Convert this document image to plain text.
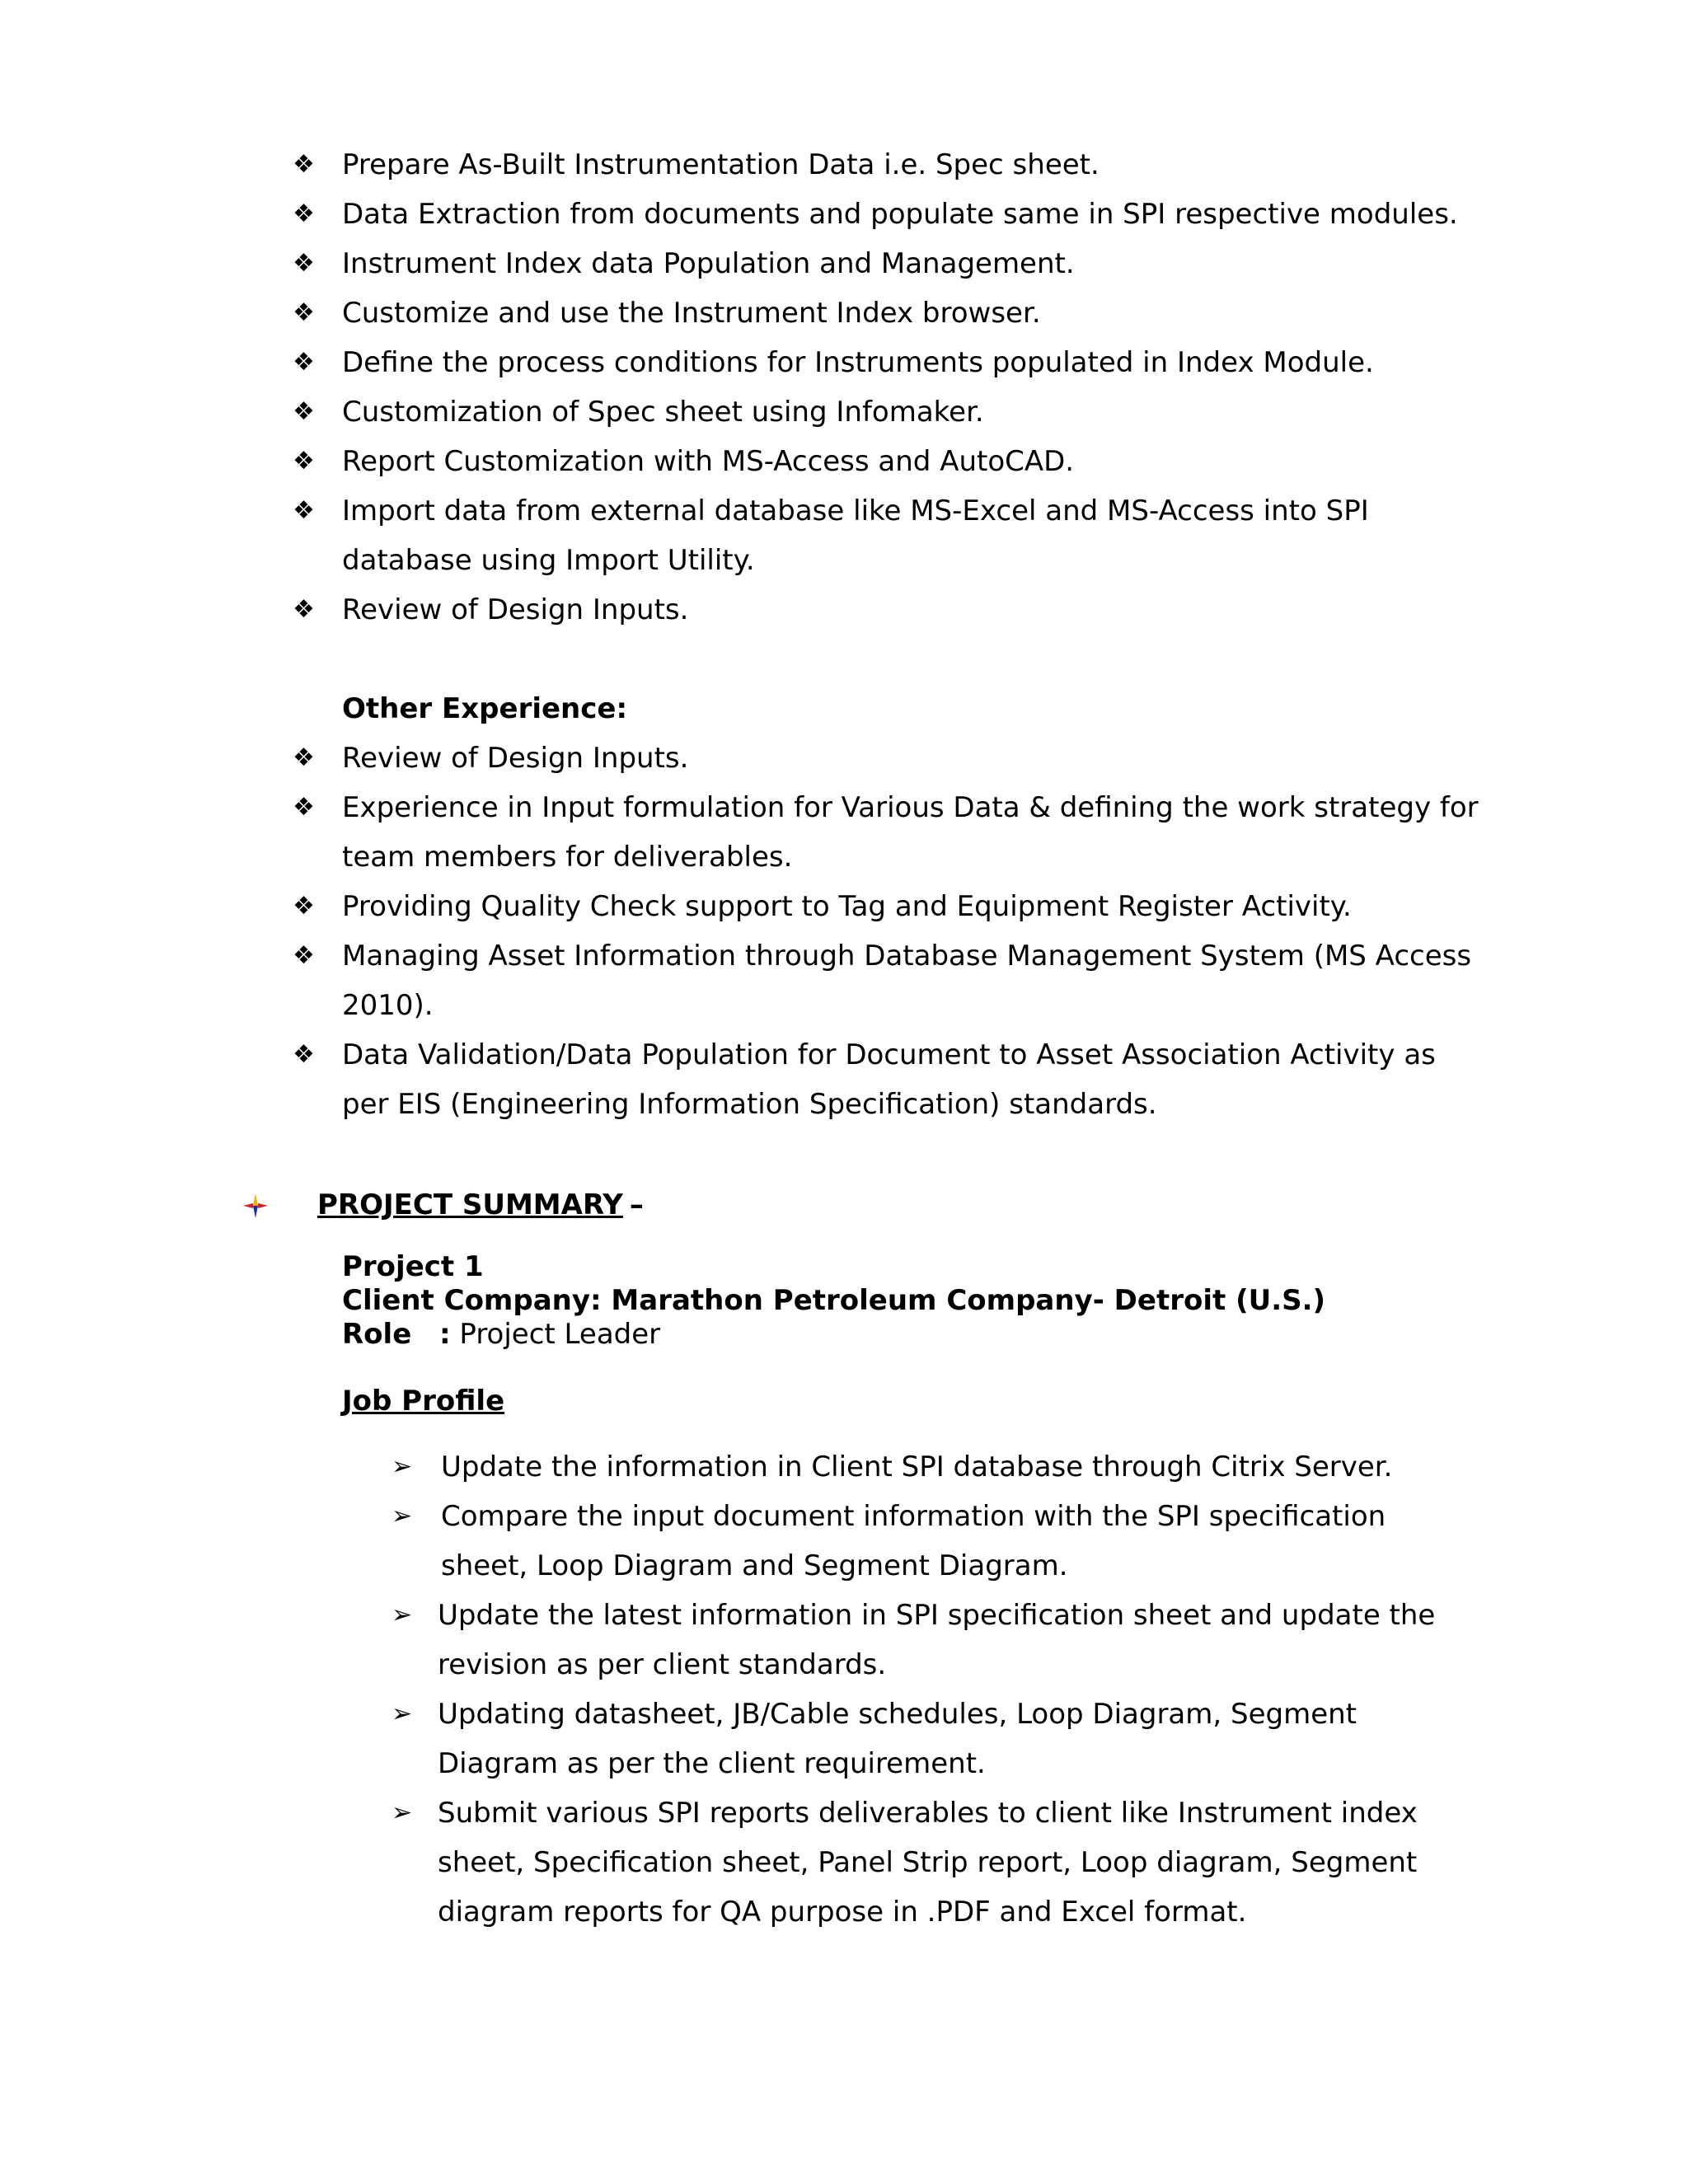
❖ Prepare As-Built Instrumentation Data i.e. Spec sheet.
❖ Data Extraction from documents and populate same in SPI respective modules.
❖ Instrument Index data Population and Management.
❖ Customize and use the Instrument Index browser.
❖ Define the process conditions for Instruments populated in Index Module.
❖ Customization of Spec sheet using Infomaker.
❖ Report Customization with MS-Access and AutoCAD.
❖ Import data from external database like MS-Excel and MS-Access into SPI database using Import Utility.
❖ Review of Design Inputs.
Other Experience:
❖ Review of Design Inputs.
❖ Experience in Input formulation for Various Data & defining the work strategy for team members for deliverables.
❖ Providing Quality Check support to Tag and Equipment Register Activity.
❖ Managing Asset Information through Database Management System (MS Access 2010).
❖ Data Validation/Data Population for Document to Asset Association Activity as per EIS (Engineering Information Specification) standards.
PROJECT SUMMARY –
Project 1
Client Company: Marathon Petroleum Company- Detroit (U.S.)
Role : Project Leader
Job Profile
➢ Update the information in Client SPI database through Citrix Server.
➢ Compare the input document information with the SPI specification sheet, Loop Diagram and Segment Diagram.
➢ Update the latest information in SPI specification sheet and update the revision as per client standards.
➢ Updating datasheet, JB/Cable schedules, Loop Diagram, Segment Diagram as per the client requirement.
➢ Submit various SPI reports deliverables to client like Instrument index sheet, Specification sheet, Panel Strip report, Loop diagram, Segment diagram reports for QA purpose in .PDF and Excel format.
